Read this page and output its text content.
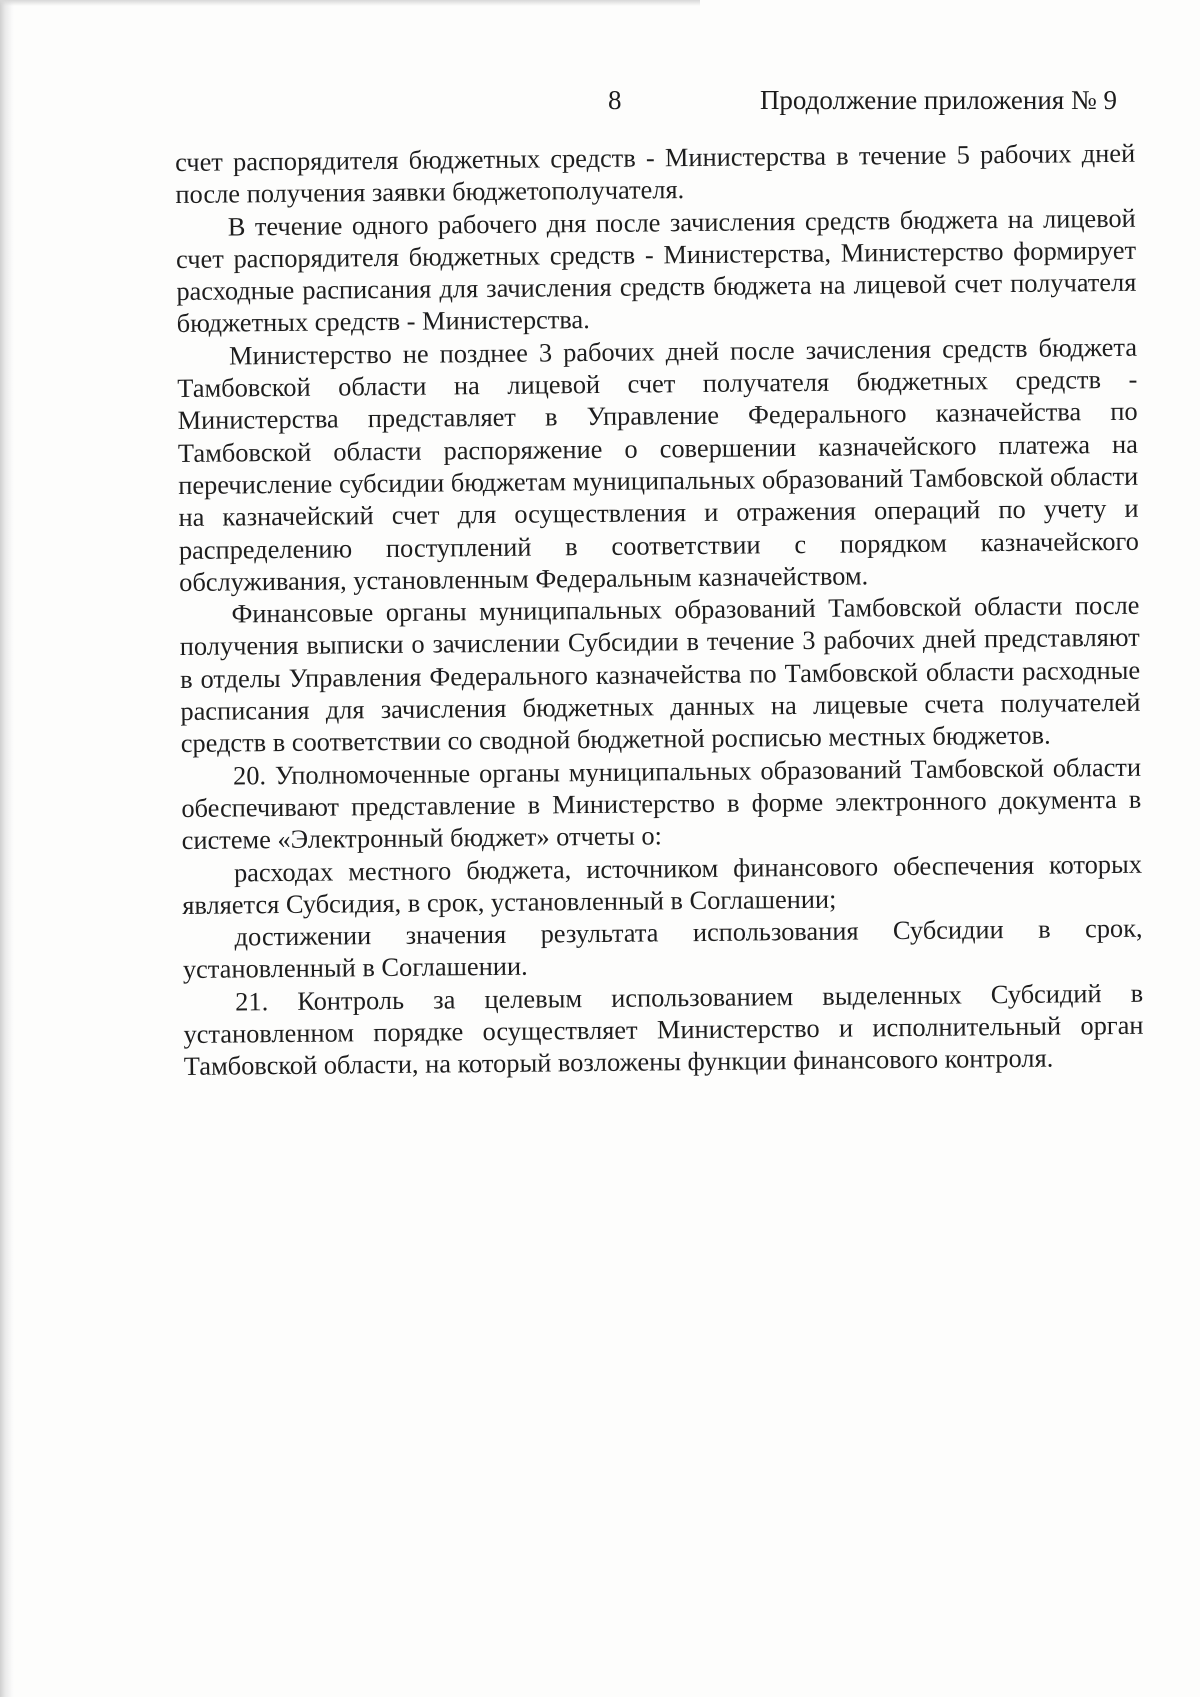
8	Продолжение приложения № 9

счет распорядителя бюджетных средств - Министерства в течение 5 рабочих дней после получения заявки бюджетополучателя.

В течение одного рабочего дня после зачисления средств бюджета на лицевой счет распорядителя бюджетных средств - Министерства, Министерство формирует расходные расписания для зачисления средств бюджета на лицевой счет получателя бюджетных средств - Министерства.

Министерство не позднее 3 рабочих дней после зачисления средств бюджета Тамбовской области на лицевой счет получателя бюджетных средств - Министерства представляет в Управление Федерального казначейства по Тамбовской области распоряжение о совершении казначейского платежа на перечисление субсидии бюджетам муниципальных образований Тамбовской области на казначейский счет для осуществления и отражения операций по учету и распределению поступлений в соответствии с порядком казначейского обслуживания, установленным Федеральным казначейством.

Финансовые органы муниципальных образований Тамбовской области после получения выписки о зачислении Субсидии в течение 3 рабочих дней представляют в отделы Управления Федерального казначейства по Тамбовской области расходные расписания для зачисления бюджетных данных на лицевые счета получателей средств в соответствии со сводной бюджетной росписью местных бюджетов.

20. Уполномоченные органы муниципальных образований Тамбовской области обеспечивают представление в Министерство в форме электронного документа в системе «Электронный бюджет» отчеты о:

расходах местного бюджета, источником финансового обеспечения которых является Субсидия, в срок, установленный в Соглашении;

достижении значения результата использования Субсидии в срок, установленный в Соглашении.

21. Контроль за целевым использованием выделенных Субсидий в установленном порядке осуществляет Министерство и исполнительный орган Тамбовской области, на который возложены функции финансового контроля.
